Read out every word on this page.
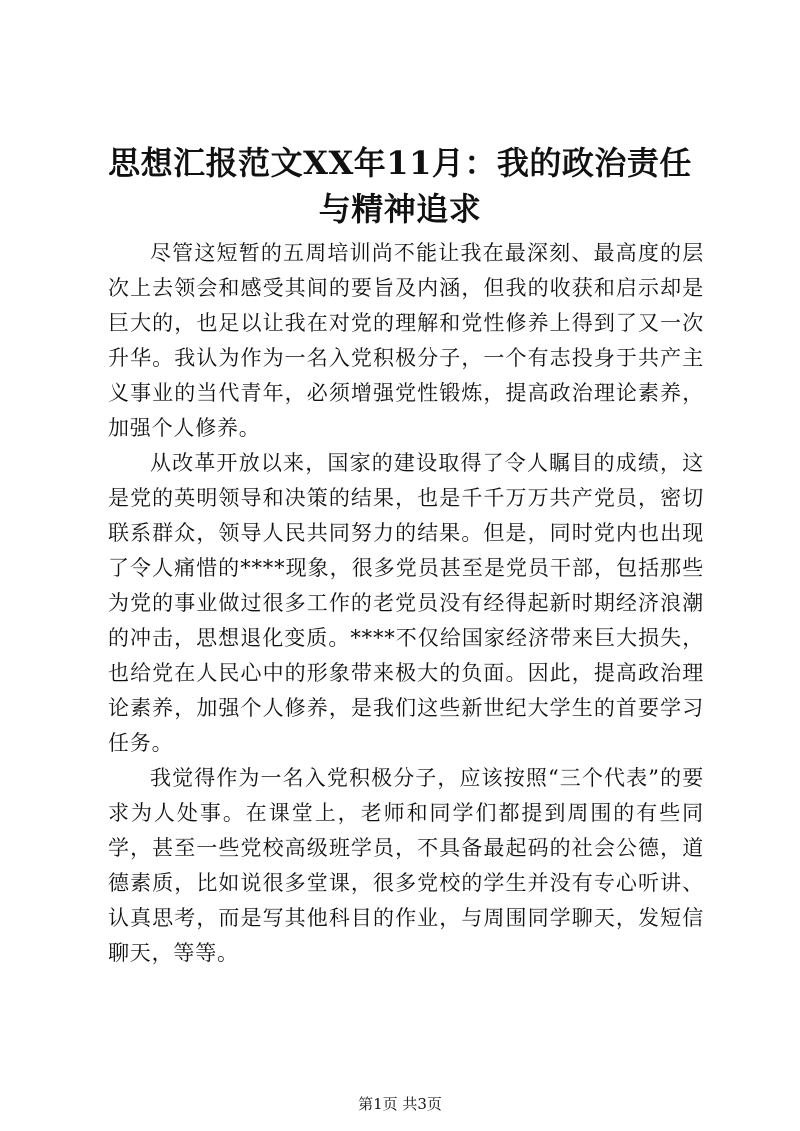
思想汇报范文XX年11月：我的政治责任与精神追求

尽管这短暂的五周培训尚不能让我在最深刻、最高度的层次上去领会和感受其间的要旨及内涵，但我的收获和启示却是巨大的，也足以让我在对党的理解和党性修养上得到了又一次升华。我认为作为一名入党积极分子，一个有志投身于共产主义事业的当代青年，必须增强党性锻炼，提高政治理论素养，加强个人修养。

从改革开放以来，国家的建设取得了令人瞩目的成绩，这是党的英明领导和决策的结果，也是千千万万共产党员，密切联系群众，领导人民共同努力的结果。但是，同时党内也出现了令人痛惜的****现象，很多党员甚至是党员干部，包括那些为党的事业做过很多工作的老党员没有经得起新时期经济浪潮的冲击，思想退化变质。****不仅给国家经济带来巨大损失，也给党在人民心中的形象带来极大的负面。因此，提高政治理论素养，加强个人修养，是我们这些新世纪大学生的首要学习任务。

我觉得作为一名入党积极分子，应该按照“三个代表”的要求为人处事。在课堂上，老师和同学们都提到周围的有些同学，甚至一些党校高级班学员，不具备最起码的社会公德，道德素质，比如说很多堂课，很多党校的学生并没有专心听讲、认真思考，而是写其他科目的作业，与周围同学聊天，发短信聊天，等等。

第1页 共3页
